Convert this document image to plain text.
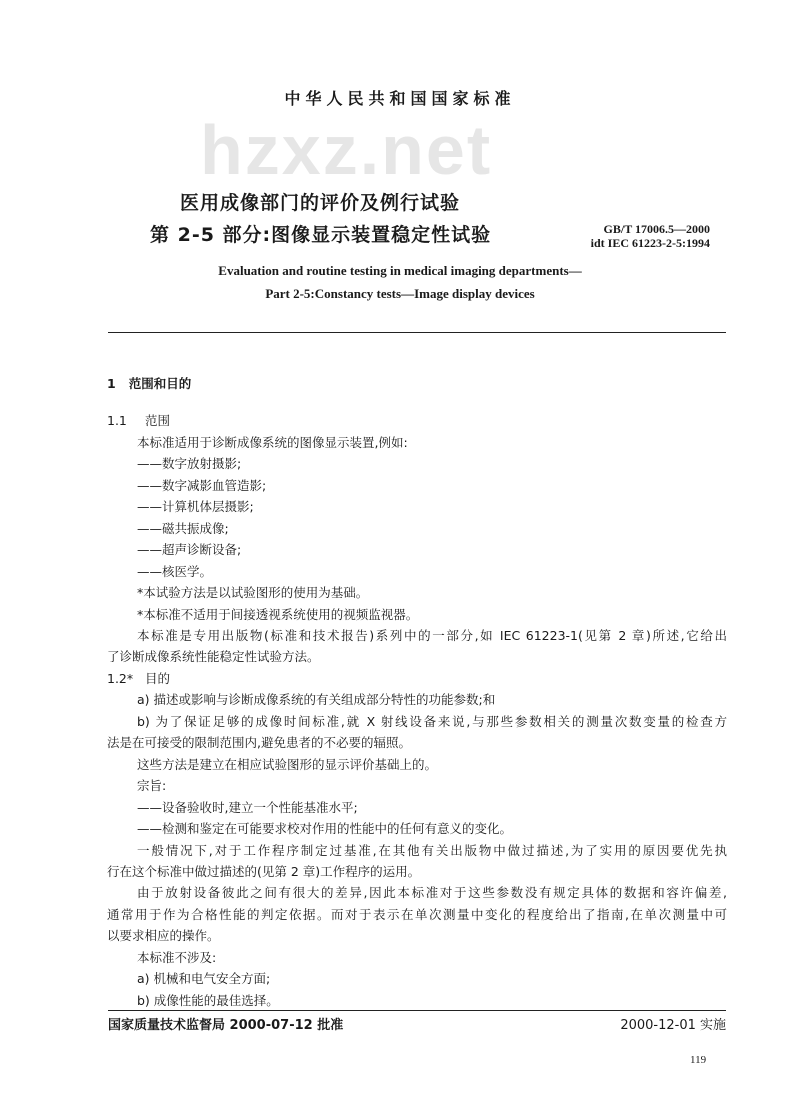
hzxz.net
中华人民共和国国家标准
医用成像部门的评价及例行试验
第 2-5 部分:图像显示装置稳定性试验	GB/T 17006.5—2000
idt IEC 61223-2-5:1994
Evaluation and routine testing in medical imaging departments—
Part 2-5:Constancy tests—Image display devices
1 范围和目的
1.1 范围
本标准适用于诊断成像系统的图像显示装置,例如:
——数字放射摄影;
——数字减影血管造影;
——计算机体层摄影;
——磁共振成像;
——超声诊断设备;
——核医学。
*本试验方法是以试验图形的使用为基础。
*本标准不适用于间接透视系统使用的视频监视器。
本标准是专用出版物(标准和技术报告)系列中的一部分,如 IEC 61223-1(见第 2 章)所述,它给出
了诊断成像系统性能稳定性试验方法。
1.2* 目的
a) 描述或影响与诊断成像系统的有关组成部分特性的功能参数;和
b) 为了保证足够的成像时间标准,就 X 射线设备来说,与那些参数相关的测量次数变量的检查方
法是在可接受的限制范围内,避免患者的不必要的辐照。
这些方法是建立在相应试验图形的显示评价基础上的。
宗旨:
——设备验收时,建立一个性能基准水平;
——检测和鉴定在可能要求校对作用的性能中的任何有意义的变化。
一般情况下,对于工作程序制定过基准,在其他有关出版物中做过描述,为了实用的原因要优先执
行在这个标准中做过描述的(见第 2 章)工作程序的运用。
由于放射设备彼此之间有很大的差异,因此本标准对于这些参数没有规定具体的数据和容许偏差,
通常用于作为合格性能的判定依据。而对于表示在单次测量中变化的程度给出了指南,在单次测量中可
以要求相应的操作。
本标准不涉及:
a) 机械和电气安全方面;
b) 成像性能的最佳选择。
国家质量技术监督局 2000-07-12 批准	2000-12-01 实施
119
